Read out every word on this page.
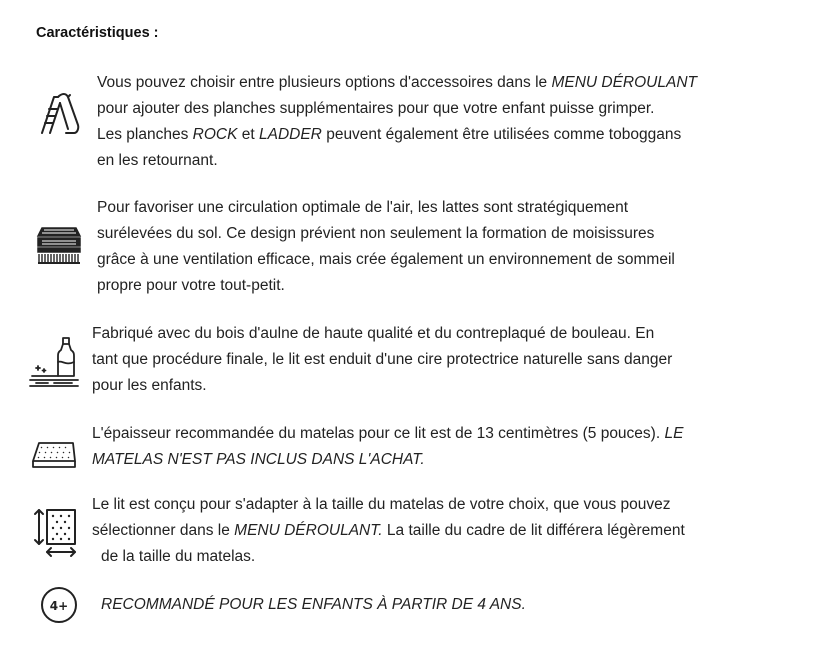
Caractéristiques :
Vous pouvez choisir entre plusieurs options d'accessoires dans le MENU DÉROULANT
pour ajouter des planches supplémentaires pour que votre enfant puisse grimper.
Les planches ROCK et LADDER peuvent également être utilisées comme toboggans
en les retournant.
Pour favoriser une circulation optimale de l'air, les lattes sont stratégiquement
surélevées du sol. Ce design prévient non seulement la formation de moisissures
grâce à une ventilation efficace, mais crée également un environnement de sommeil
propre pour votre tout-petit.
Fabriqué avec du bois d'aulne de haute qualité et du contreplaqué de bouleau. En
tant que procédure finale, le lit est enduit d'une cire protectrice naturelle sans danger
pour les enfants.
L'épaisseur recommandée du matelas pour ce lit est de 13 centimètres (5 pouces). LE
MATELAS N'EST PAS INCLUS DANS L'ACHAT.
Le lit est conçu pour s'adapter à la taille du matelas de votre choix, que vous pouvez
sélectionner dans le MENU DÉROULANT. La taille du cadre de lit différera légèrement
de la taille du matelas.
4+ RECOMMANDÉ POUR LES ENFANTS À PARTIR DE 4 ANS.
